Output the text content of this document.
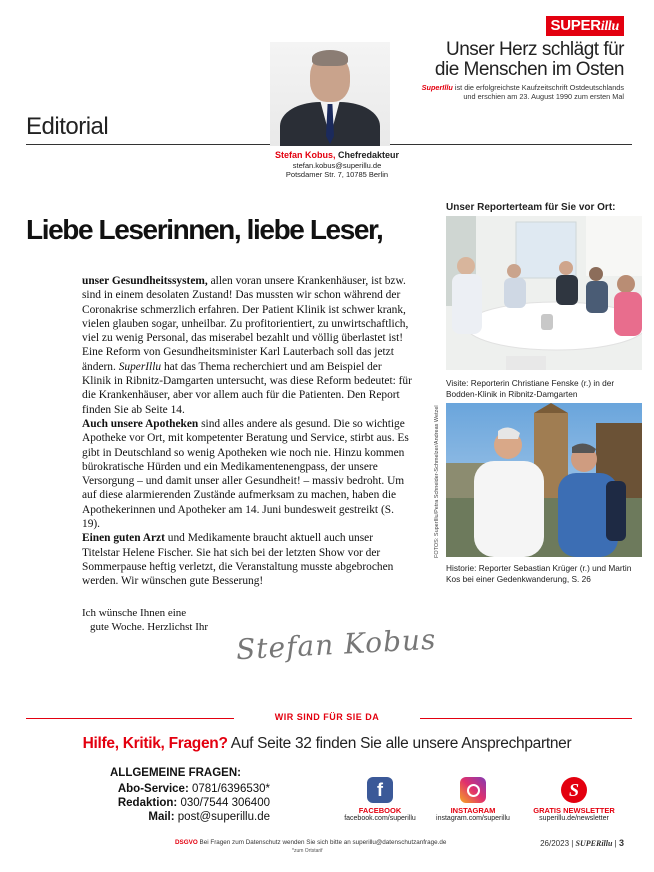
SUPERillu
Unser Herz schlägt für
die Menschen im Osten
SuperIllu ist die erfolgreichste Kaufzeitschrift Ostdeutschlands
und erschien am 23. August 1990 zum ersten Mal
Editorial
Stefan Kobus, Chefredakteur
stefan.kobus@superillu.de
Potsdamer Str. 7, 10785 Berlin
Liebe Leserinnen, liebe Leser,

unser Gesundheitssystem, allen voran unsere Krankenhäuser, ist bzw. sind in einem desolaten Zustand! Das mussten wir schon während der Coronakrise schmerzlich erfahren. Der Patient Klinik ist schwer krank, vielen glauben sogar, unheilbar. Zu profitorientiert, zu unwirtschaftlich, viel zu wenig Personal, das miserabel bezahlt und völlig überlastet ist!

Eine Reform von Gesundheitsminister Karl Lauterbach soll das jetzt ändern. SuperIllu hat das Thema recherchiert und am Beispiel der Klinik in Ribnitz-Damgarten untersucht, was diese Reform bedeutet: für die Krankenhäuser, aber vor allem auch für die Patienten. Den Report finden Sie ab Seite 14.

Auch unsere Apotheken sind alles andere als gesund. Die so wichtige Apotheke vor Ort, mit kompetenter Beratung und Service, stirbt aus. Es gibt in Deutschland so wenig Apotheken wie noch nie. Hinzu kommen bürokratische Hürden und ein Medikamentenengpass, der unsere Versorgung – und damit unser aller Gesundheit! – massiv bedroht. Um auf diese alarmierenden Zustände aufmerksam zu machen, haben die Apothekerinnen und Apotheker am 14. Juni bundesweit gestreikt (S. 19).

Einen guten Arzt und Medikamente braucht aktuell auch unser Titelstar Helene Fischer. Sie hat sich bei der letzten Show vor der Sommerpause heftig verletzt, die Veranstaltung musste abgebrochen werden. Wir wünschen gute Besserung!

Ich wünsche Ihnen eine
gute Woche. Herzlichst Ihr Stefan Kobus
Unser Reporterteam für Sie vor Ort:
Visite: Reporterin Christiane Fenske (r.) in der Bodden-Klinik in Ribnitz-Damgarten
Historie: Reporter Sebastian Krüger (r.) und Martin Kos bei einer Gedenkwanderung, S. 26
FOTOS: SuperIllu/Petra Schneider-Schmelzer/Andreas Wetzel
WIR SIND FÜR SIE DA
Hilfe, Kritik, Fragen? Auf Seite 32 finden Sie alle unsere Ansprechpartner
ALLGEMEINE FRAGEN:
Abo-Service: 0781/6396530*
Redaktion: 030/7544 306400
Mail: post@superillu.de
f
FACEBOOK
facebook.com/superillu
INSTAGRAM
instagram.com/superillu
S
GRATIS NEWSLETTER
superillu.de/newsletter
DSGVO Bei Fragen zum Datenschutz wenden Sie sich bitte an superillu@datenschutzanfrage.de
*zum Ortstarif
26/2023 | SUPERillu | 3
